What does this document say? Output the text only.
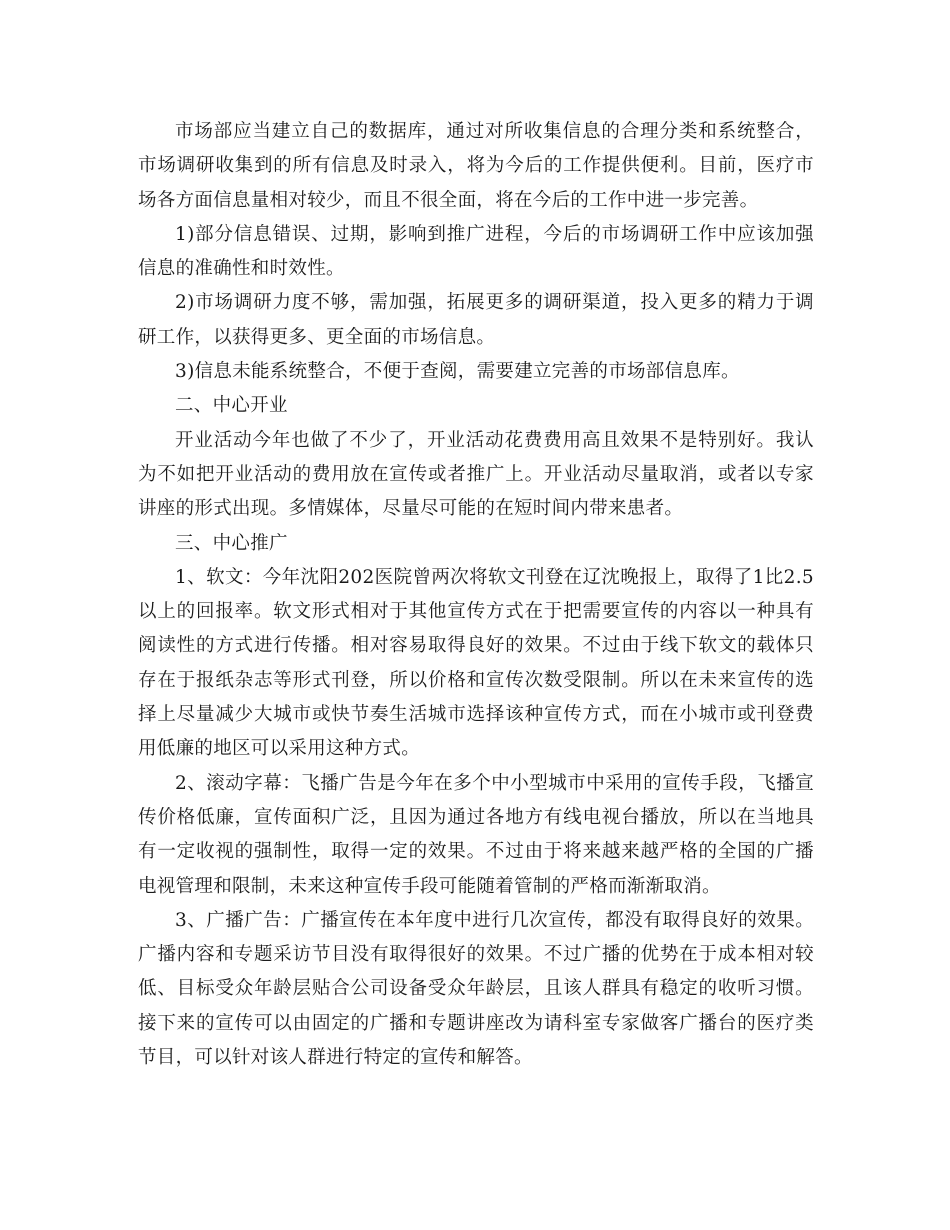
市场部应当建立自己的数据库，通过对所收集信息的合理分类和系统整合，市场调研收集到的所有信息及时录入，将为今后的工作提供便利。目前，医疗市场各方面信息量相对较少，而且不很全面，将在今后的工作中进一步完善。

1)部分信息错误、过期，影响到推广进程，今后的市场调研工作中应该加强信息的准确性和时效性。

2)市场调研力度不够，需加强，拓展更多的调研渠道，投入更多的精力于调研工作，以获得更多、更全面的市场信息。

3)信息未能系统整合，不便于查阅，需要建立完善的市场部信息库。

二、中心开业

开业活动今年也做了不少了，开业活动花费费用高且效果不是特别好。我认为不如把开业活动的费用放在宣传或者推广上。开业活动尽量取消，或者以专家讲座的形式出现。多情媒体，尽量尽可能的在短时间内带来患者。

三、中心推广

1、软文：今年沈阳202医院曾两次将软文刊登在辽沈晚报上，取得了1比2.5以上的回报率。软文形式相对于其他宣传方式在于把需要宣传的内容以一种具有阅读性的方式进行传播。相对容易取得良好的效果。不过由于线下软文的载体只存在于报纸杂志等形式刊登，所以价格和宣传次数受限制。所以在未来宣传的选择上尽量减少大城市或快节奏生活城市选择该种宣传方式，而在小城市或刊登费用低廉的地区可以采用这种方式。

2、滚动字幕：飞播广告是今年在多个中小型城市中采用的宣传手段，飞播宣传价格低廉，宣传面积广泛，且因为通过各地方有线电视台播放，所以在当地具有一定收视的强制性，取得一定的效果。不过由于将来越来越严格的全国的广播电视管理和限制，未来这种宣传手段可能随着管制的严格而渐渐取消。

3、广播广告：广播宣传在本年度中进行几次宣传，都没有取得良好的效果。广播内容和专题采访节目没有取得很好的效果。不过广播的优势在于成本相对较低、目标受众年龄层贴合公司设备受众年龄层，且该人群具有稳定的收听习惯。接下来的宣传可以由固定的广播和专题讲座改为请科室专家做客广播台的医疗类节目，可以针对该人群进行特定的宣传和解答。
